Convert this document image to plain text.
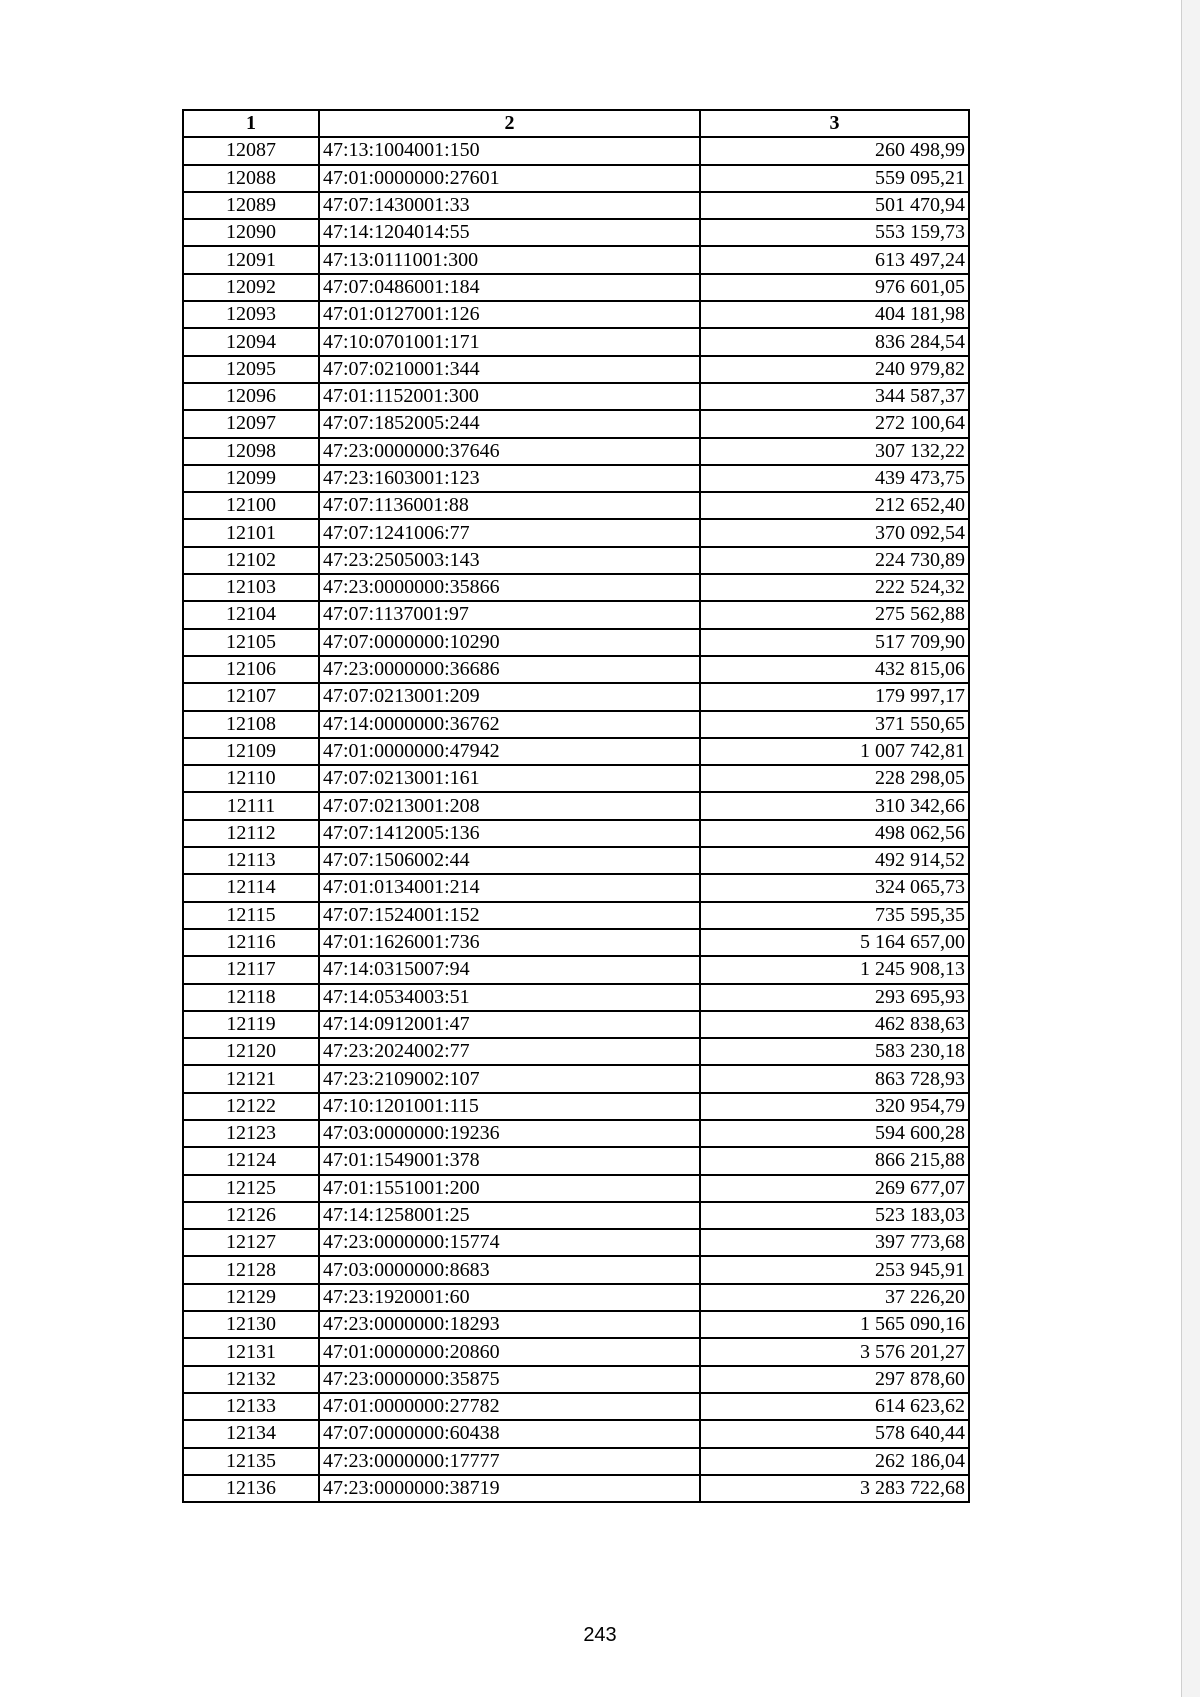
1	2	3
12087	47:13:1004001:150	260 498,99
12088	47:01:0000000:27601	559 095,21
12089	47:07:1430001:33	501 470,94
12090	47:14:1204014:55	553 159,73
12091	47:13:0111001:300	613 497,24
12092	47:07:0486001:184	976 601,05
12093	47:01:0127001:126	404 181,98
12094	47:10:0701001:171	836 284,54
12095	47:07:0210001:344	240 979,82
12096	47:01:1152001:300	344 587,37
12097	47:07:1852005:244	272 100,64
12098	47:23:0000000:37646	307 132,22
12099	47:23:1603001:123	439 473,75
12100	47:07:1136001:88	212 652,40
12101	47:07:1241006:77	370 092,54
12102	47:23:2505003:143	224 730,89
12103	47:23:0000000:35866	222 524,32
12104	47:07:1137001:97	275 562,88
12105	47:07:0000000:10290	517 709,90
12106	47:23:0000000:36686	432 815,06
12107	47:07:0213001:209	179 997,17
12108	47:14:0000000:36762	371 550,65
12109	47:01:0000000:47942	1 007 742,81
12110	47:07:0213001:161	228 298,05
12111	47:07:0213001:208	310 342,66
12112	47:07:1412005:136	498 062,56
12113	47:07:1506002:44	492 914,52
12114	47:01:0134001:214	324 065,73
12115	47:07:1524001:152	735 595,35
12116	47:01:1626001:736	5 164 657,00
12117	47:14:0315007:94	1 245 908,13
12118	47:14:0534003:51	293 695,93
12119	47:14:0912001:47	462 838,63
12120	47:23:2024002:77	583 230,18
12121	47:23:2109002:107	863 728,93
12122	47:10:1201001:115	320 954,79
12123	47:03:0000000:19236	594 600,28
12124	47:01:1549001:378	866 215,88
12125	47:01:1551001:200	269 677,07
12126	47:14:1258001:25	523 183,03
12127	47:23:0000000:15774	397 773,68
12128	47:03:0000000:8683	253 945,91
12129	47:23:1920001:60	37 226,20
12130	47:23:0000000:18293	1 565 090,16
12131	47:01:0000000:20860	3 576 201,27
12132	47:23:0000000:35875	297 878,60
12133	47:01:0000000:27782	614 623,62
12134	47:07:0000000:60438	578 640,44
12135	47:23:0000000:17777	262 186,04
12136	47:23:0000000:38719	3 283 722,68
243
